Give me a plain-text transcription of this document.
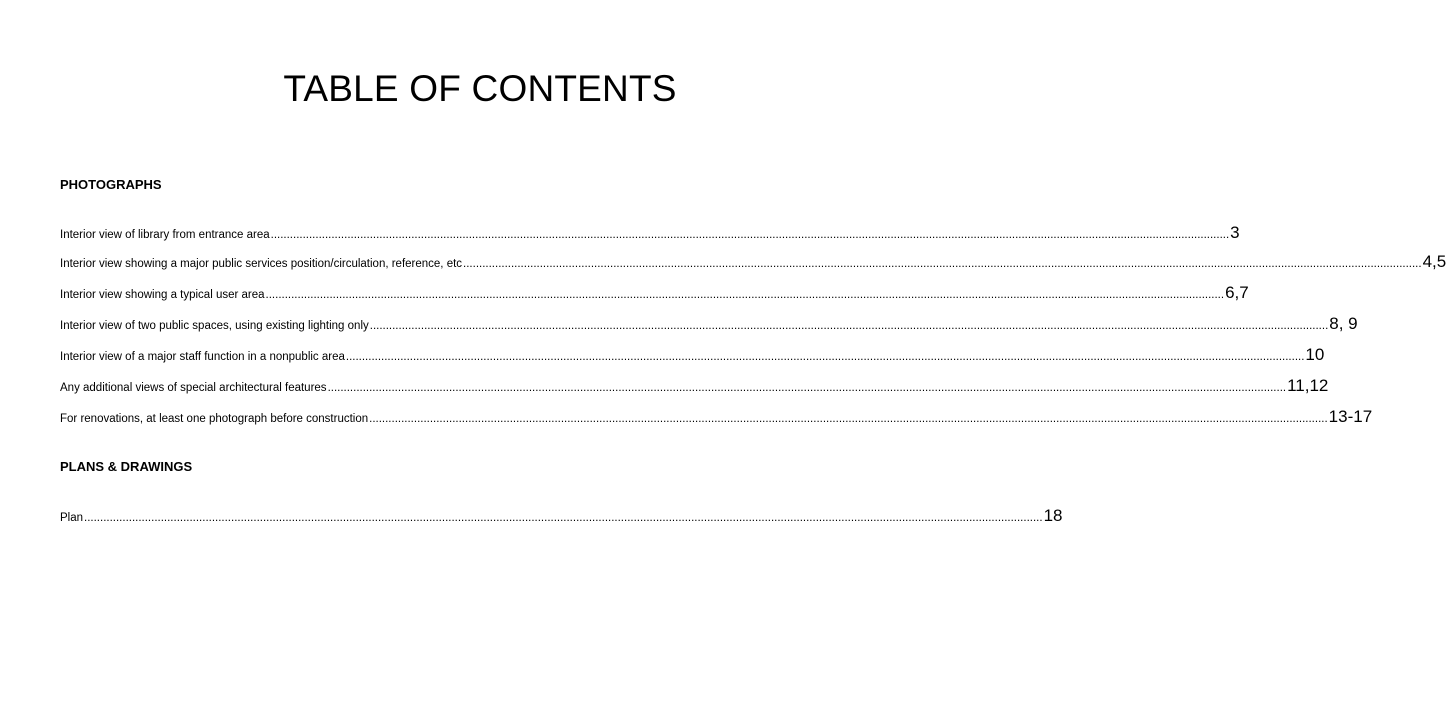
TABLE OF CONTENTS
PHOTOGRAPHS
Interior view of library from entrance area ............................................................................................................................................................................................................................................................................................................ 3
Interior view showing a major public services position/circulation, reference, etc ............................................................................................................................................................................................................................................................................................................ 4,5
Interior view showing a typical user area ............................................................................................................................................................................................................................................................................................................ 6,7
Interior view of two public spaces, using existing lighting only ............................................................................................................................................................................................................................................................................................................ 8, 9
Interior view of a major staff function in a nonpublic area ............................................................................................................................................................................................................................................................................................................ 10
Any additional views of special architectural features ............................................................................................................................................................................................................................................................................................................ 11,12
For renovations, at least one photograph before construction ............................................................................................................................................................................................................................................................................................................ 13-17
PLANS & DRAWINGS
Plan ............................................................................................................................................................................................................................................................................................................ 18
